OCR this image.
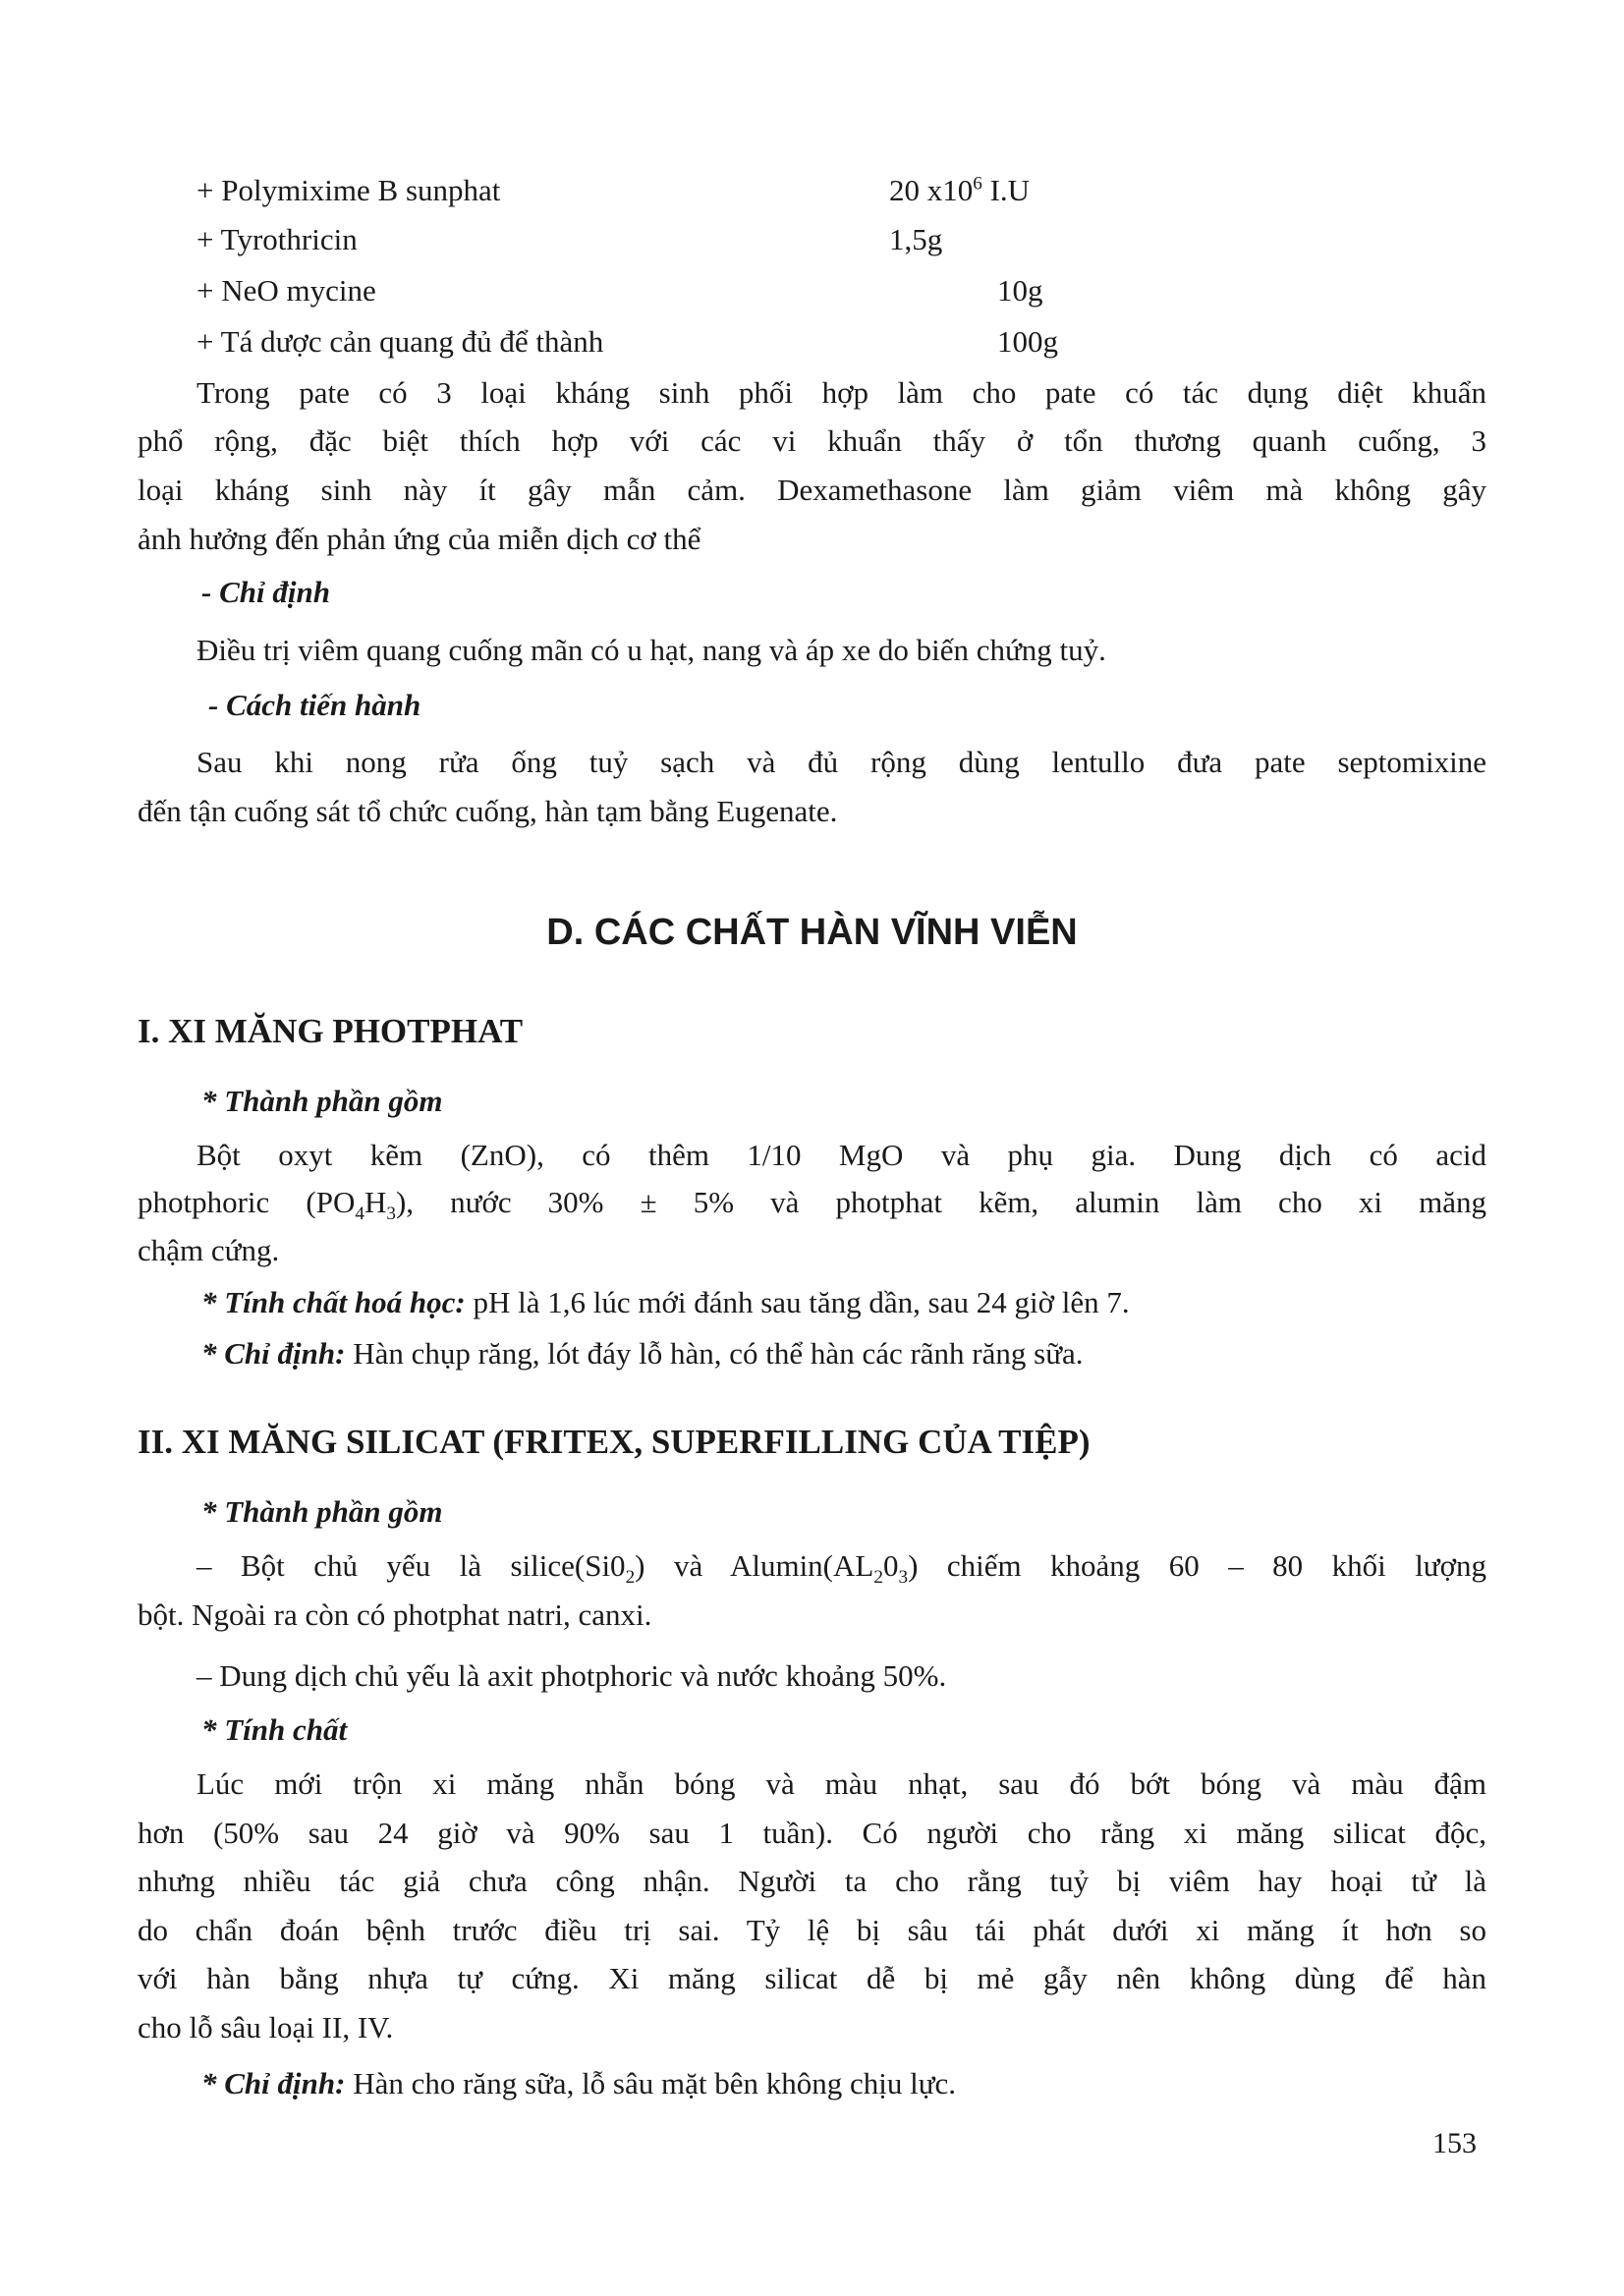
+ Polymixime B sunphat	20 $x10^6$ I.U
+ Tyrothricin	1,5g
+ NeO mycine	10g
+ Tá dược cản quang đủ để thành	100g
Trong pate có 3 loại kháng sinh phối hợp làm cho pate có tác dụng diệt khuẩn
phổ rộng, đặc biệt thích hợp với các vi khuẩn thấy ở tổn thương quanh cuống, 3
loại kháng sinh này ít gây mẫn cảm. Dexamethasone làm giảm viêm mà không gây
ảnh hưởng đến phản ứng của miễn dịch cơ thể
- Chỉ định
Điều trị viêm quang cuống mãn có u hạt, nang và áp xe do biến chứng tuỷ.
- Cách tiến hành
Sau khi nong rửa ống tuỷ sạch và đủ rộng dùng lentullo đưa pate septomixine
đến tận cuống sát tổ chức cuống, hàn tạm bằng Eugenate.
D. CÁC CHẤT HÀN VĨNH VIỄN
I. XI MĂNG PHOTPHAT
* Thành phần gồm
Bột oxyt kẽm (ZnO), có thêm 1/10 MgO và phụ gia. Dung dịch có acid
photphoric $(PO_4H_3)$, nước 30% ± 5% và photphat kẽm, alumin làm cho xi măng
chậm cứng.
* Tính chất hoá học: pH là 1,6 lúc mới đánh sau tăng dần, sau 24 giờ lên 7.
* Chỉ định: Hàn chụp răng, lót đáy lỗ hàn, có thể hàn các rãnh răng sữa.
II. XI MĂNG SILICAT (FRITEX, SUPERFILLING CỦA TIỆP)
* Thành phần gồm
– Bột chủ yếu là $silice(Si0_2)$ và $Alumin(AL_20_3)$ chiếm khoảng 60 – 80 khối lượng
bột. Ngoài ra còn có photphat natri, canxi.
– Dung dịch chủ yếu là axit photphoric và nước khoảng 50%.
* Tính chất
Lúc mới trộn xi măng nhẵn bóng và màu nhạt, sau đó bớt bóng và màu đậm
hơn (50% sau 24 giờ và 90% sau 1 tuần). Có người cho rằng xi măng silicat độc,
nhưng nhiều tác giả chưa công nhận. Người ta cho rằng tuỷ bị viêm hay hoại tử là
do chẩn đoán bệnh trước điều trị sai. Tỷ lệ bị sâu tái phát dưới xi măng ít hơn so
với hàn bằng nhựa tự cứng. Xi măng silicat dễ bị mẻ gẫy nên không dùng để hàn
cho lỗ sâu loại II, IV.
* Chỉ định: Hàn cho răng sữa, lỗ sâu mặt bên không chịu lực.
153
